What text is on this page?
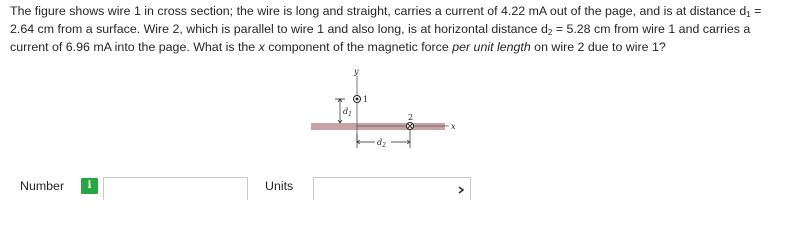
The figure shows wire 1 in cross section; the wire is long and straight, carries a current of 4.22 mA out of the page, and is at distance $d_1 = 2.64$ cm from a surface. Wire 2, which is parallel to wire 1 and also long, is at horizontal distance $d_2 = 5.28$ cm from wire 1 and carries a current of 6.96 mA into the page. What is the x component of the magnetic force per unit length on wire 2 due to wire 1?
y
x
1
$d_1$	2
$d_2$
Number	i	Units
